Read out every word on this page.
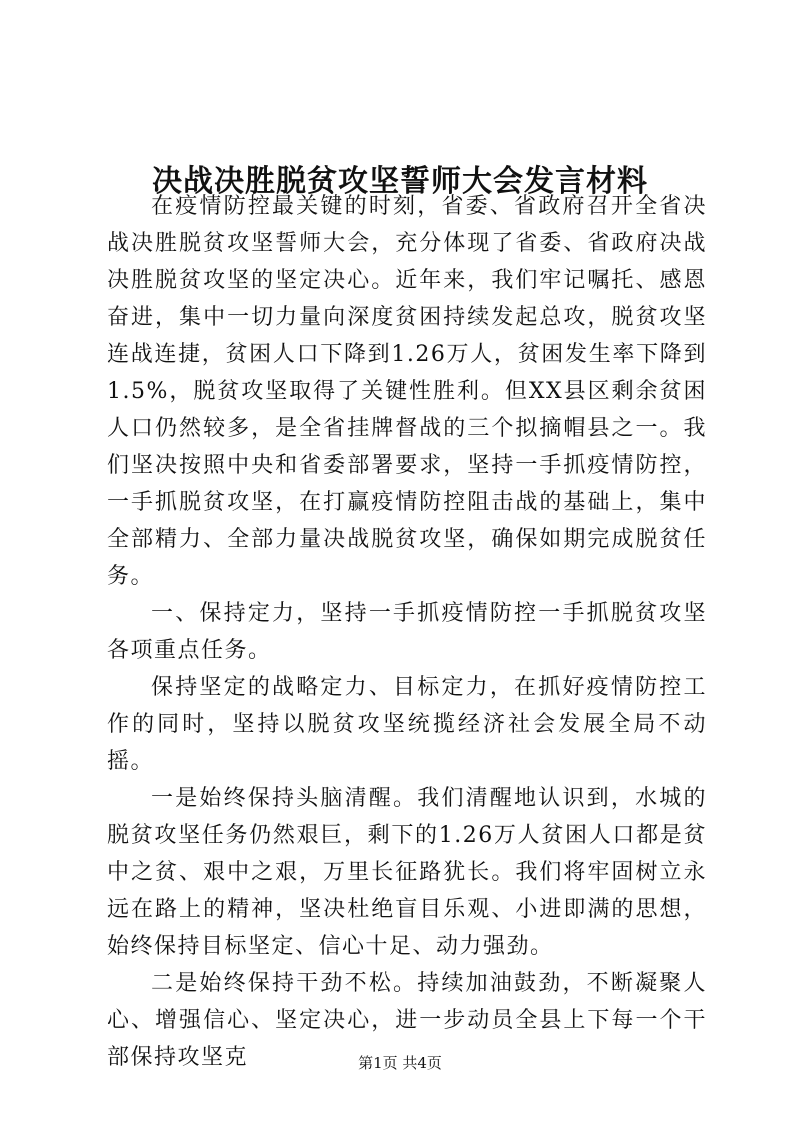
决战决胜脱贫攻坚誓师大会发言材料

在疫情防控最关键的时刻，省委、省政府召开全省决战决胜脱贫攻坚誓师大会，充分体现了省委、省政府决战决胜脱贫攻坚的坚定决心。近年来，我们牢记嘱托、感恩奋进，集中一切力量向深度贫困持续发起总攻，脱贫攻坚连战连捷，贫困人口下降到1.26万人，贫困发生率下降到1.5%，脱贫攻坚取得了关键性胜利。但XX县区剩余贫困人口仍然较多，是全省挂牌督战的三个拟摘帽县之一。我们坚决按照中央和省委部署要求，坚持一手抓疫情防控，一手抓脱贫攻坚，在打赢疫情防控阻击战的基础上，集中全部精力、全部力量决战脱贫攻坚，确保如期完成脱贫任务。

一、保持定力，坚持一手抓疫情防控一手抓脱贫攻坚各项重点任务。

保持坚定的战略定力、目标定力，在抓好疫情防控工作的同时，坚持以脱贫攻坚统揽经济社会发展全局不动摇。

一是始终保持头脑清醒。我们清醒地认识到，水城的脱贫攻坚任务仍然艰巨，剩下的1.26万人贫困人口都是贫中之贫、艰中之艰，万里长征路犹长。我们将牢固树立永远在路上的精神，坚决杜绝盲目乐观、小进即满的思想，始终保持目标坚定、信心十足、动力强劲。

二是始终保持干劲不松。持续加油鼓劲，不断凝聚人心、增强信心、坚定决心，进一步动员全县上下每一个干部保持攻坚克	第1页 共4页
